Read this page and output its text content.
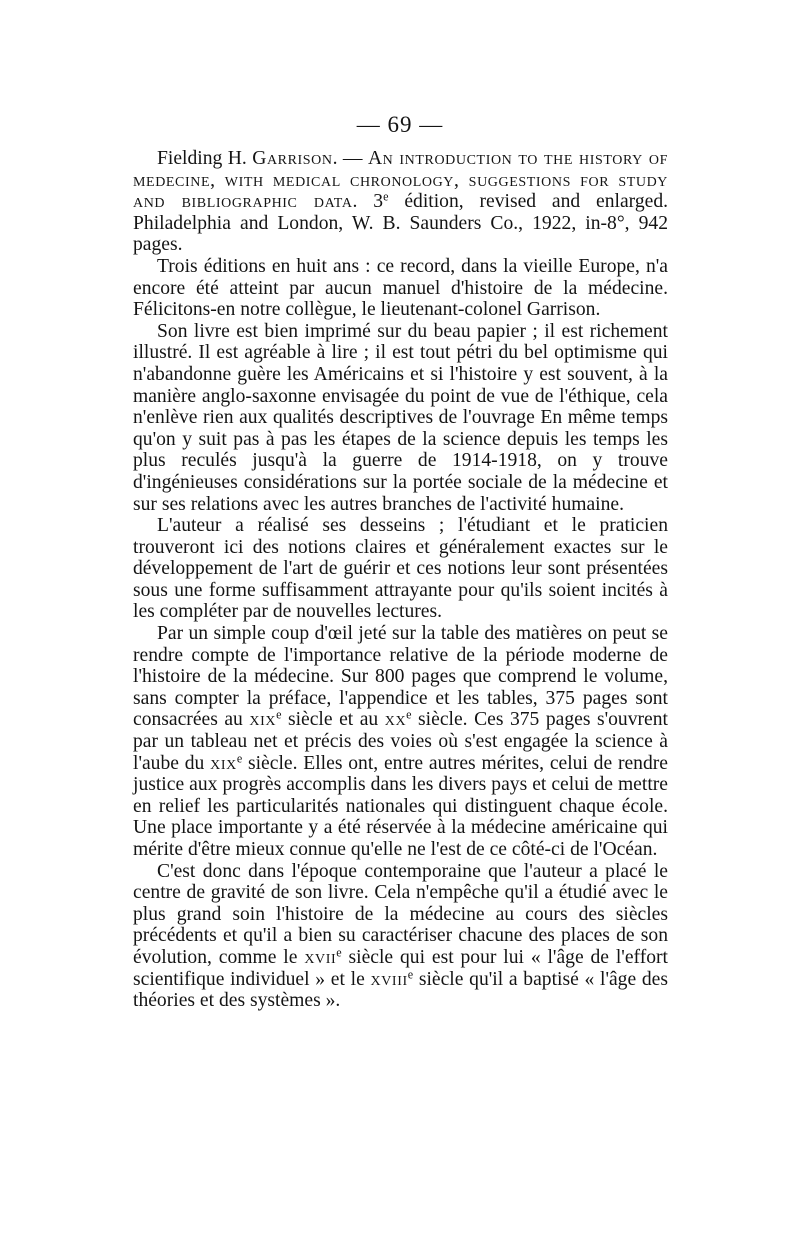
— 69 —

Fielding H. Garrison. — An introduction to the history of medecine, with medical chronology, suggestions for study and bibliographic data. 3e édition, revised and enlarged. Philadelphia and London, W. B. Saunders Co., 1922, in-8°, 942 pages.

Trois éditions en huit ans : ce record, dans la vieille Europe, n'a encore été atteint par aucun manuel d'histoire de la médecine. Félicitons-en notre collègue, le lieutenant-colonel Garrison.

Son livre est bien imprimé sur du beau papier ; il est richement illustré. Il est agréable à lire ; il est tout pétri du bel optimisme qui n'abandonne guère les Américains et si l'histoire y est souvent, à la manière anglo-saxonne envisagée du point de vue de l'éthique, cela n'enlève rien aux qualités descriptives de l'ouvrage En même temps qu'on y suit pas à pas les étapes de la science depuis les temps les plus reculés jusqu'à la guerre de 1914-1918, on y trouve d'ingénieuses considérations sur la portée sociale de la médecine et sur ses relations avec les autres branches de l'activité humaine.

L'auteur a réalisé ses desseins ; l'étudiant et le praticien trouveront ici des notions claires et généralement exactes sur le développement de l'art de guérir et ces notions leur sont présentées sous une forme suffisamment attrayante pour qu'ils soient incités à les compléter par de nouvelles lectures.

Par un simple coup d'œil jeté sur la table des matières on peut se rendre compte de l'importance relative de la période moderne de l'histoire de la médecine. Sur 800 pages que comprend le volume, sans compter la préface, l'appendice et les tables, 375 pages sont consacrées au xix$^e$ siècle et au $xx^e$ siècle. Ces 375 pages s'ouvrent par un tableau net et précis des voies où s'est engagée la science à l'aube du xix$^e$ siècle. Elles ont, entre autres mérites, celui de rendre justice aux progrès accomplis dans les divers pays et celui de mettre en relief les particularités nationales qui distinguent chaque école. Une place importante y a été réservée à la médecine américaine qui mérite d'être mieux connue qu'elle ne l'est de ce côté-ci de l'Océan.

C'est donc dans l'époque contemporaine que l'auteur a placé le centre de gravité de son livre. Cela n'empêche qu'il a étudié avec le plus grand soin l'histoire de la médecine au cours des siècles précédents et qu'il a bien su caractériser chacune des places de son évolution, comme le xvii$^e$ siècle qui est pour lui « l'âge de l'effort scientifique individuel » et le xviii$^e$ siècle qu'il a baptisé « l'âge des théories et des systèmes ».
